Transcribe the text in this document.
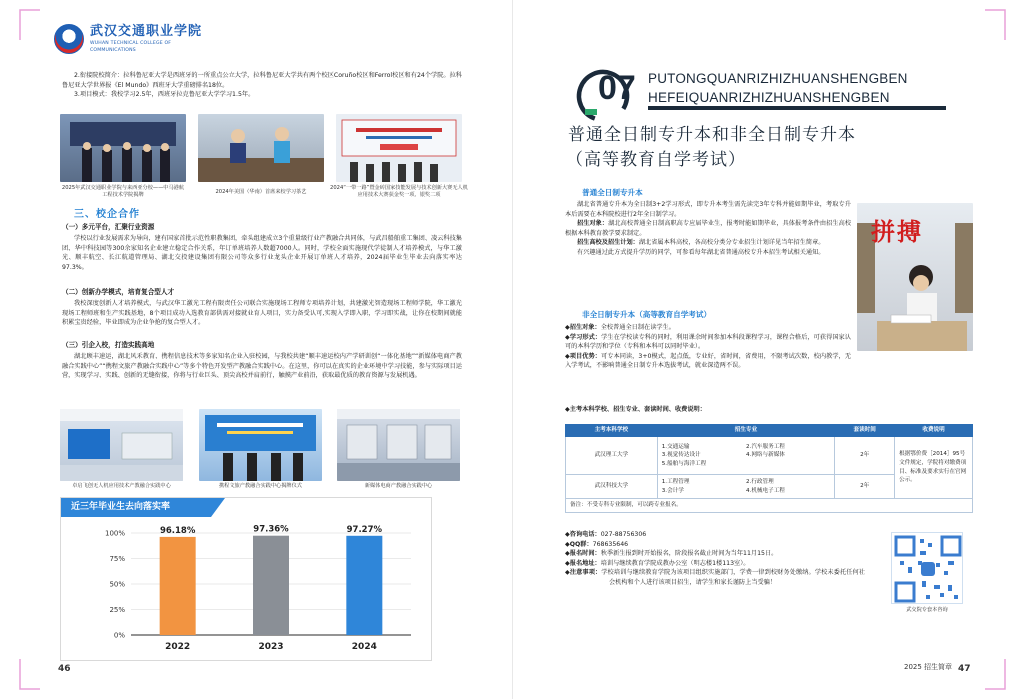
武汉交通职业学院
WUHAN TECHNICAL COLLEGE OF COMMUNICATIONS
2.衔接院校简介：拉科鲁尼亚大学是西班牙的一所重点公立大学，拉科鲁尼亚大学共有两个校区Coruño校区和Ferrol校区和有24个学院。拉科鲁尼亚大学世界报《El Mundo》西班牙大学重磅排名18位。
3.项目模式：我校学习2.5年，西班牙拉克鲁尼亚大学学习1.5年。
2025年武汉交通职业学院与来西亚分校——中马港航工程技术学院揭牌
2024年美国（华南）首席来校学习茶艺
2024“一带一路”暨金砖国家技能发展与技术创新大赛无人机应用技术大赛获金奖一项、银奖二项
三、校企合作
（一）多元平台，汇聚行业资源
学校以行业发展需求为导向，建有国家首批示范性职教集团，牵头组建成立3个重量级行业产教融合共同体，与武昌船舶重工集团、凌云科技集团、华中科技园等300余家知名企业建立稳定合作关系，年订单班培养人数超7000人。同时，学校全面实施现代学徒制人才培养模式，与华工激光、顺丰航空、长江航道管理局、湖北交投建设集团有限公司等众多行业龙头企业开展订单班人才培养，2024届毕业生毕业去向落实率达97.3%。
（二）创新办学模式，培育复合型人才
我校深度创新人才培养模式，与武汉华工激光工程有限责任公司联合实施现场工程师专项培养计划，共建激光智造现场工程师学院，华工激光现场工程师班和生产实践基地，8个项目成功入选教育部供需对接就业育人项目，实力备受认可,实现入学即入职，学习即实战，让你在校期间就能积累宝贵经验，毕业即成为企业争抢的复合型人才。
（三）引企入校，打造实践高地
湖北顾丰速运，湖北风禾教育、携程信息技术等多家知名企业入驻校园，与我校共建“顺丰速运校内产学研训创“一体化基地”“新媒体电商产教融合实践中心”“携程文旅产教融合实践中心”等多个特色开发型产教融合实践中心。在这里，你可以在真实的企业环境中学习技能，参与实际项目运营，实现学习、实践、创新的无缝衔接，你将与行业巨头、顶尖高校并肩前行，触摸产业前沿，获取最优质的教育资源与发展机遇。
卓启飞创无人机应用技术产教融合实践中心	携程文旅产教融合实践中心揭牌仪式	新媒体电商产教融合实践中心
近三年毕业生去向落实率
100%
75%
50%
25%
0%
96.18%
2022
97.36%
2023
97.27%
2024
46
07 PUTONGQUANRIZHIZHUANSHENGBEN
HEFEIQUANRIZHIZHUANSHENGBEN
普通全日制专升本和非全日制专升本
（高等教育自学考试）
拼搏
普通全日制专升本
湖北省普通专升本为全日制3+2学习形式，即专升本考生需先读完3年专科并能如期毕业，考取专升本后需要在本科院校进行2年全日制学习。
招生对象：湖北高校普通全日制高职高专应届毕业生，报考时能如期毕业，具体报考条件由招生高校根据本科教育教学要求制定。
招生高校及招生计划：湖北省属本科高校，各高校分类分专业招生计划详见当年招生简章。
有兴趣通过此方式提升学历的同学，可参看每年湖北省普通高校专升本招生考试相关通知。
非全日制专升本（高等教育自学考试）
◆招生对象：全校普通全日制在读学生。
◆学习形式：学生在学校读专科的同时，利用课余时间参加本科段课程学习，课程合格后，可获得国家认可的本科学历和学位（专科和本科可以同时毕业）。
◆项目优势：可专本同读，3+0模式，起点低，专业好，省时间，省费用，不限考试次数，校内教学，无入学考试，不影响普通全日制专升本选拔考试，就业深造两不误。
◆主考本科学校、招生专业、套读时间、收费说明：
主考本科学校	招生专业	套读时间	收费说明
武汉理工大学	1.交通运输 2.汽车服务工程
3.视觉传达设计 4.网络与新媒体
5.船舶与海洋工程	2年	根据鄂价费［2014］95号文件规定，学院将对缴费项目、标准及要求实行在官网公示。
武汉科技大学	1.工程管理 2.行政管理
3.会计学 4.机械电子工程	2年	
备注：不受专科专业限制，可以跨专业报名。			
◆咨询电话：027-88756306
◆QQ群：768635646
◆报名时间：秋季新生报到时开始报名，阶段报名截止时间为当年11月15日。
◆报名地址：培训与继续教育学院成教办公室（明志楼1楼113室）。
◆注意事项：学校培训与继续教育学院为该项目组织实施部门，学费一律到校财务处缴纳。学校未委托任何社会机构和个人进行该项目招生，请学生和家长谨防上当受骗！
武交院专套本咨询
2025 招生简章 47
